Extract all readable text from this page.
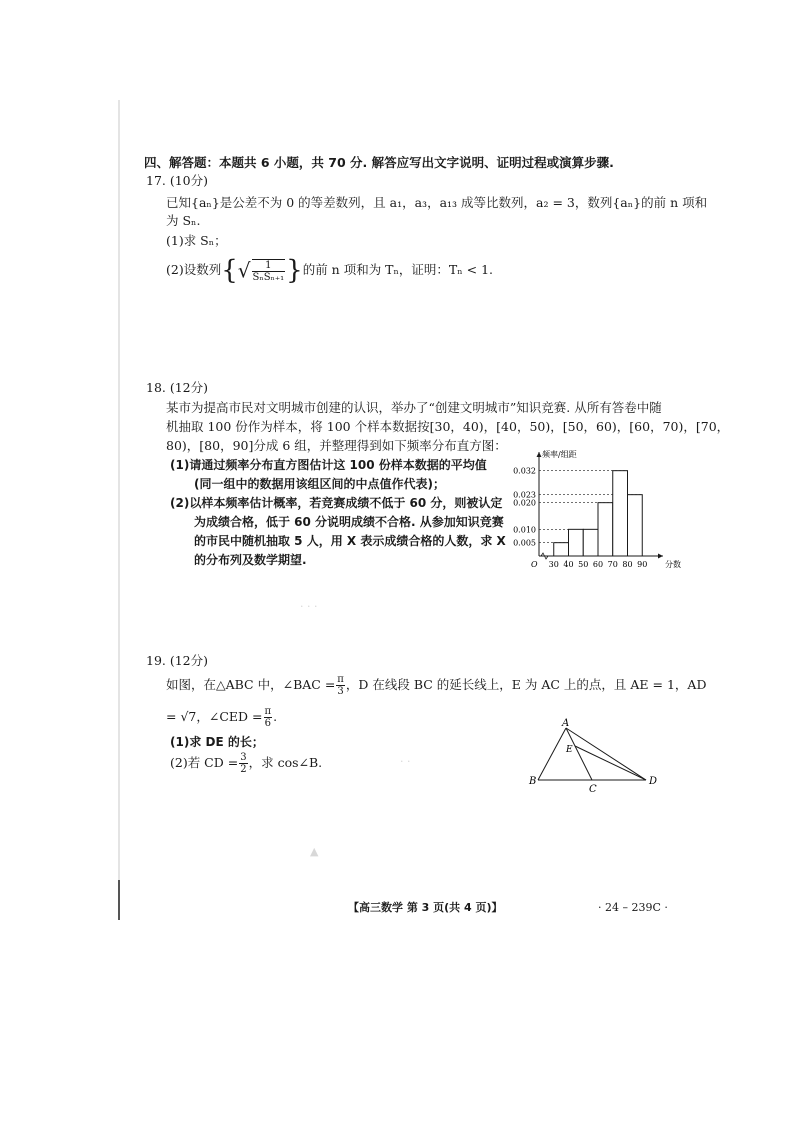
四、解答题：本题共 6 小题，共 70 分. 解答应写出文字说明、证明过程或演算步骤.
17. (10分)
已知{aₙ}是公差不为 0 的等差数列，且 a₁，a₃，a₁₃ 成等比数列，a₂ = 3，数列{aₙ}的前 n 项和
为 Sₙ.
(1)求 Sₙ；
(2)设数列{√ $\frac{1}{\text{SₙSₙ₊₁}}$ }的前 n 项和为 Tₙ，证明：Tₙ < 1.
18. (12分)
某市为提高市民对文明城市创建的认识，举办了“创建文明城市”知识竞赛. 从所有答卷中随
机抽取 100 份作为样本，将 100 个样本数据按[30，40)，[40，50)，[50，60)，[60，70)，[70，
80)，[80，90]分成 6 组，并整理得到如下频率分布直方图：
(1)请通过频率分布直方图估计这 100 份样本数据的平均值
(同一组中的数据用该组区间的中点值作代表)；
(2)以样本频率估计概率，若竞赛成绩不低于 60 分，则被认定
为成绩合格，低于 60 分说明成绩不合格. 从参加知识竞赛
的市民中随机抽取 5 人，用 X 表示成绩合格的人数，求 X
的分布列及数学期望.
0.032
0.023
0.020
0.010
0.005
30 40 50 60 70 80 90
O
频率/组距
分数
· · ·
▲
· ·
19. (12分)
如图，在△ABC 中，∠BAC = $\frac{\pi}{3}$ ，D 在线段 BC 的延长线上，E 为 AC 上的点，且 AE = 1，AD
= √7，∠CED = $\frac{\pi}{6}$ .
(1)求 DE 的长；
(2)若 CD = $\frac{3}{2}$ ，求 cos∠B.
A
B
C
D
E
【高三数学 第 3 页(共 4 页)】	· 24 – 239C ·
